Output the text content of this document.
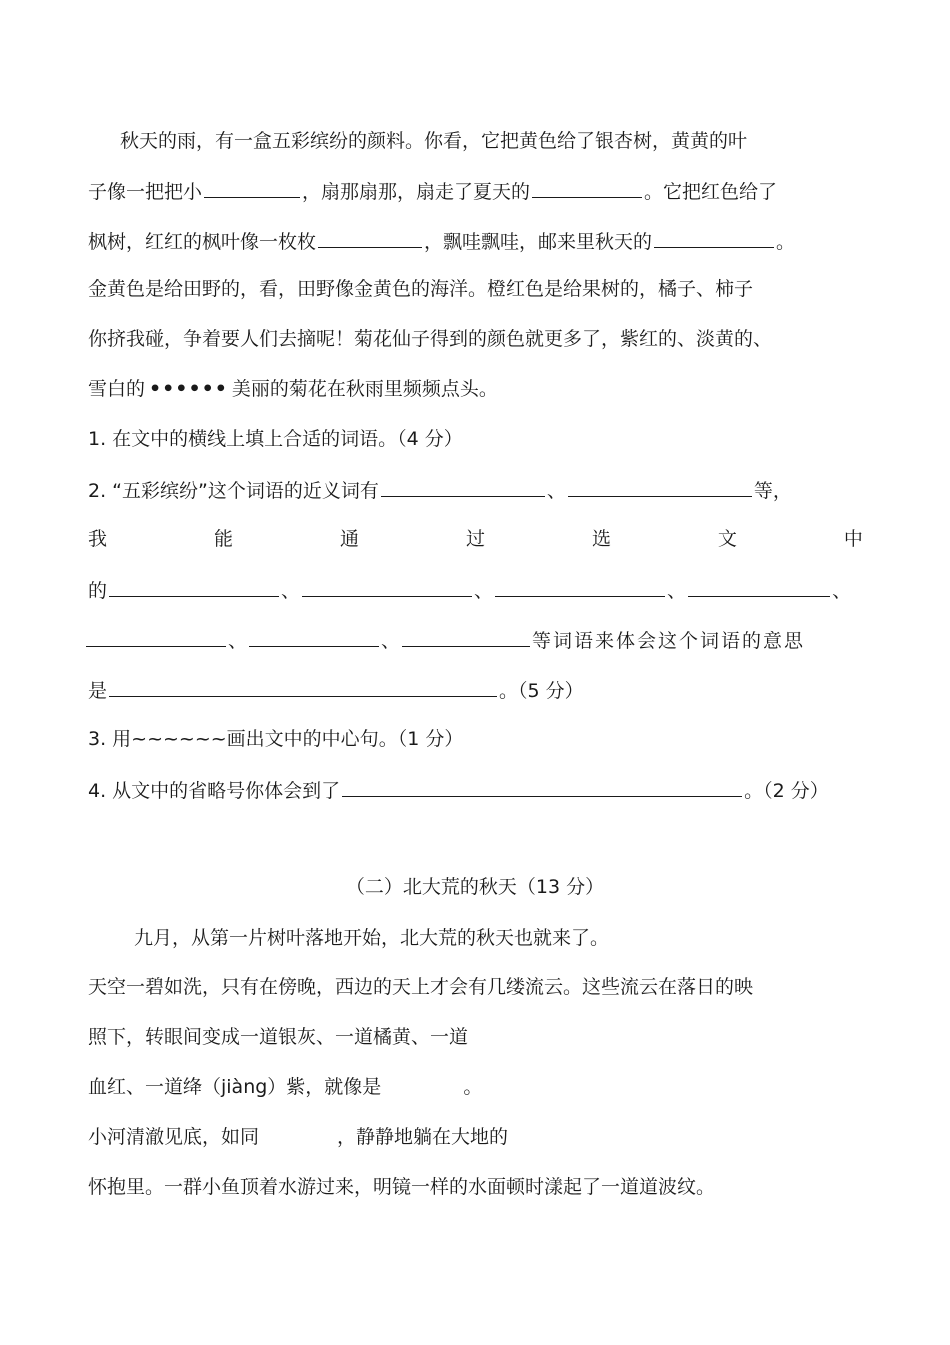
秋天的雨，有一盒五彩缤纷的颜料。你看，它把黄色给了银杏树，黄黄的叶
子像一把把小	，扇那扇那，扇走了夏天的	。它把红色给了
枫树，红红的枫叶像一枚枚	，飘哇飘哇，邮来里秋天的	。
金黄色是给田野的，看，田野像金黄色的海洋。橙红色是给果树的，橘子、柿子
你挤我碰，争着要人们去摘呢！菊花仙子得到的颜色就更多了，紫红的、淡黄的、
雪白的 •••••• 美丽的菊花在秋雨里频频点头。
1. 在文中的横线上填上合适的词语。（4 分）
2. “五彩缤纷”这个词语的近义词有	、	等，
我	能	通	过	选	文	中
的	、	、	、	、
、	、	等词语来体会这个词语的意思
是	。（5 分）
3. 用~~~~~~画出文中的中心句。（1 分）
4. 从文中的省略号你体会到了	。（2 分）
（二）北大荒的秋天（13 分）
九月，从第一片树叶落地开始，北大荒的秋天也就来了。
天空一碧如洗，只有在傍晚，西边的天上才会有几缕流云。这些流云在落日的映
照下，转眼间变成一道银灰、一道橘黄、一道
血红、一道绛（jiàng）紫，就像是	。
小河清澈见底，如同	，静静地躺在大地的
怀抱里。一群小鱼顶着水游过来，明镜一样的水面顿时漾起了一道道波纹。
